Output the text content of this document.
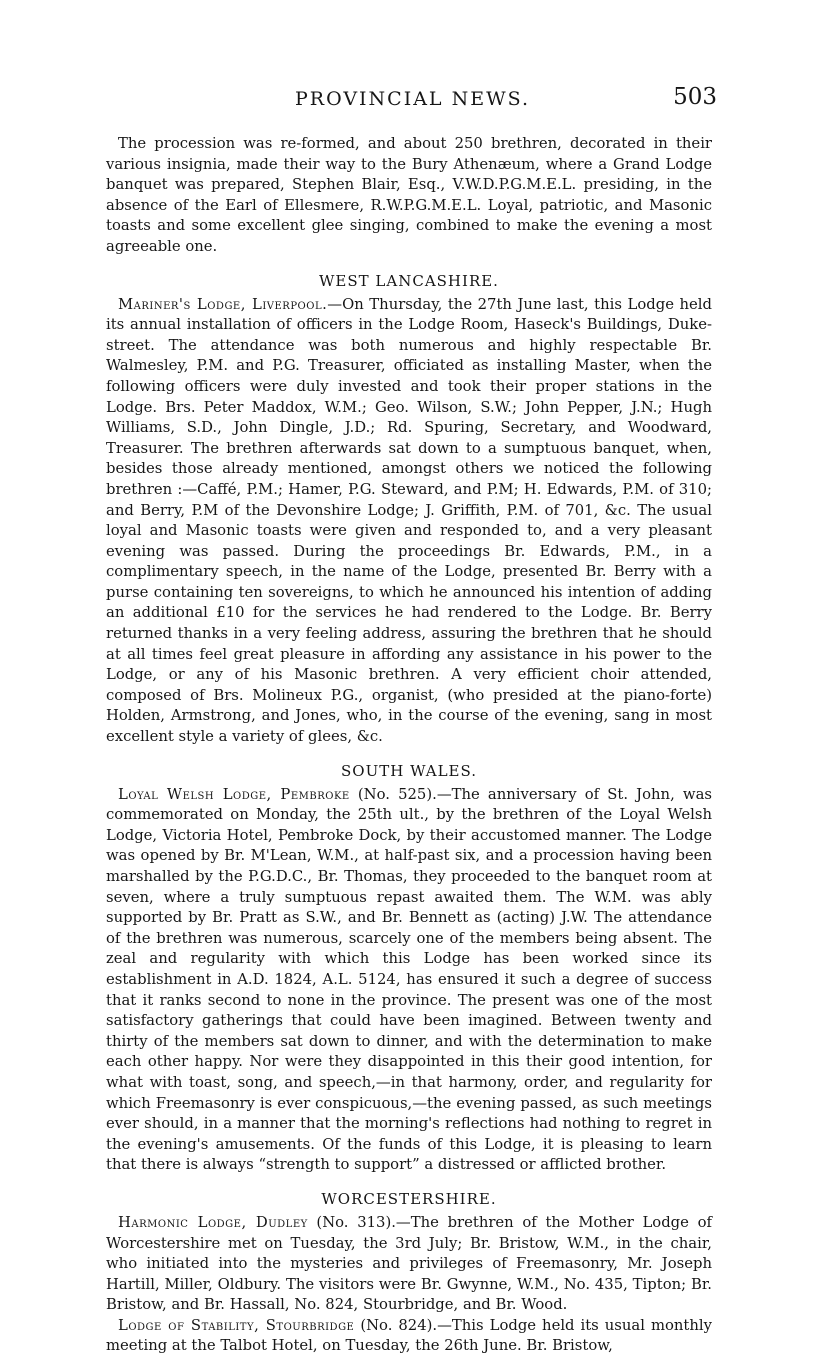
PROVINCIAL NEWS.	503

The procession was re-formed, and about 250 brethren, decorated in their various insignia, made their way to the Bury Athenæum, where a Grand Lodge banquet was prepared, Stephen Blair, Esq., V.W.D.P.G.M.E.L. presiding, in the absence of the Earl of Ellesmere, R.W.P.G.M.E.L. Loyal, patriotic, and Masonic toasts and some excellent glee singing, combined to make the evening a most agreeable one.

WEST LANCASHIRE.

Mariner's Lodge, Liverpool.—On Thursday, the 27th June last, this Lodge held its annual installation of officers in the Lodge Room, Haseck's Buildings, Duke-street. The attendance was both numerous and highly respectable Br. Walmesley, P.M. and P.G. Treasurer, officiated as installing Master, when the following officers were duly invested and took their proper stations in the Lodge. Brs. Peter Maddox, W.M.; Geo. Wilson, S.W.; John Pepper, J.N.; Hugh Williams, S.D., John Dingle, J.D.; Rd. Spuring, Secretary, and Woodward, Treasurer. The brethren afterwards sat down to a sumptuous banquet, when, besides those already mentioned, amongst others we noticed the following brethren :—Caffé, P.M.; Hamer, P.G. Steward, and P.M; H. Edwards, P.M. of 310; and Berry, P.M of the Devonshire Lodge; J. Griffith, P.M. of 701, &c. The usual loyal and Masonic toasts were given and responded to, and a very pleasant evening was passed. During the proceedings Br. Edwards, P.M., in a complimentary speech, in the name of the Lodge, presented Br. Berry with a purse containing ten sovereigns, to which he announced his intention of adding an additional £10 for the services he had rendered to the Lodge. Br. Berry returned thanks in a very feeling address, assuring the brethren that he should at all times feel great pleasure in affording any assistance in his power to the Lodge, or any of his Masonic brethren. A very efficient choir attended, composed of Brs. Molineux P.G., organist, (who presided at the piano-forte) Holden, Armstrong, and Jones, who, in the course of the evening, sang in most excellent style a variety of glees, &c.

SOUTH WALES.

Loyal Welsh Lodge, Pembroke (No. 525).—The anniversary of St. John, was commemorated on Monday, the 25th ult., by the brethren of the Loyal Welsh Lodge, Victoria Hotel, Pembroke Dock, by their accustomed manner. The Lodge was opened by Br. M'Lean, W.M., at half-past six, and a procession having been marshalled by the P.G.D.C., Br. Thomas, they proceeded to the banquet room at seven, where a truly sumptuous repast awaited them. The W.M. was ably supported by Br. Pratt as S.W., and Br. Bennett as (acting) J.W. The attendance of the brethren was numerous, scarcely one of the members being absent. The zeal and regularity with which this Lodge has been worked since its establishment in A.D. 1824, A.L. 5124, has ensured it such a degree of success that it ranks second to none in the province. The present was one of the most satisfactory gatherings that could have been imagined. Between twenty and thirty of the members sat down to dinner, and with the determination to make each other happy. Nor were they disappointed in this their good intention, for what with toast, song, and speech,—in that harmony, order, and regularity for which Freemasonry is ever conspicuous,—the evening passed, as such meetings ever should, in a manner that the morning's reflections had nothing to regret in the evening's amusements. Of the funds of this Lodge, it is pleasing to learn that there is always “strength to support” a distressed or afflicted brother.

WORCESTERSHIRE.

Harmonic Lodge, Dudley (No. 313).—The brethren of the Mother Lodge of Worcestershire met on Tuesday, the 3rd July; Br. Bristow, W.M., in the chair, who initiated into the mysteries and privileges of Freemasonry, Mr. Joseph Hartill, Miller, Oldbury. The visitors were Br. Gwynne, W.M., No. 435, Tipton; Br. Bristow, and Br. Hassall, No. 824, Stourbridge, and Br. Wood.

Lodge of Stability, Stourbridge (No. 824).—This Lodge held its usual monthly meeting at the Talbot Hotel, on Tuesday, the 26th June. Br. Bristow,
